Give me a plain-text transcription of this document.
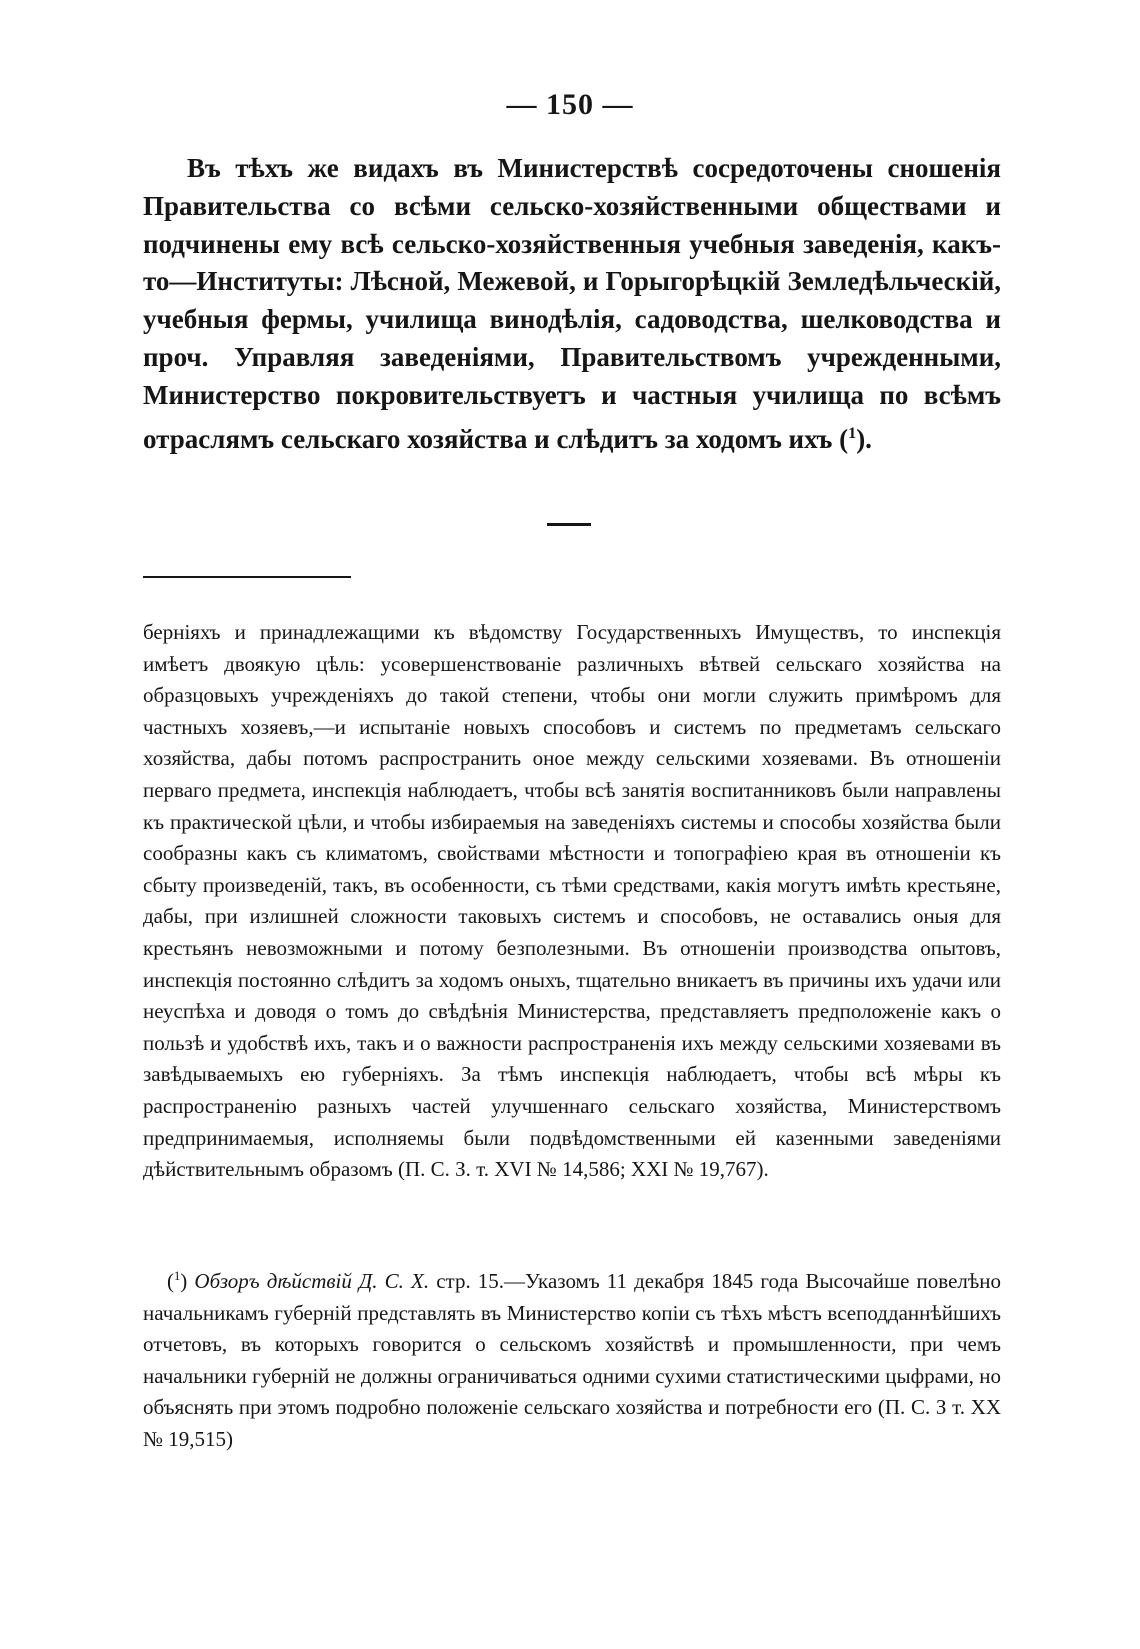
— 150 —
Въ тѣхъ же видахъ въ Министерствѣ сосредоточены сношенія Правительства со всѣми сельско-хозяйственными обществами и подчинены ему всѣ сельско-хозяйственныя учебныя заведенія, какъ-то—Институты: Лѣсной, Межевой, и Горыгорѣцкій Земледѣльческій, учебныя фермы, училища винодѣлія, садоводства, шелководства и проч. Управляя заведеніями, Правительствомъ учрежденными, Министерство покровительствуетъ и частныя училища по всѣмъ отраслямъ сельскаго хозяйства и слѣдитъ за ходомъ ихъ ($^1$).
берніяхъ и принадлежащими къ вѣдомству Государственныхъ Имуществъ, то инспекція имѣетъ двоякую цѣль: усовершенствованіе различныхъ вѣтвей сельскаго хозяйства на образцовыхъ учрежденіяхъ до такой степени, чтобы они могли служить примѣромъ для частныхъ хозяевъ,—и испытаніе новыхъ способовъ и системъ по предметамъ сельскаго хозяйства, дабы потомъ распространить оное между сельскими хозяевами. Въ отношеніи перваго предмета, инспекція наблюдаетъ, чтобы всѣ занятія воспитанниковъ были направлены къ практической цѣли, и чтобы избираемыя на заведеніяхъ системы и способы хозяйства были сообразны какъ съ климатомъ, свойствами мѣстности и топографіею края въ отношеніи къ сбыту произведеній, такъ, въ особенности, съ тѣми средствами, какія могутъ имѣть крестьяне, дабы, при излишней сложности таковыхъ системъ и способовъ, не оставались оныя для крестьянъ невозможными и потому безполезными. Въ отношеніи производства опытовъ, инспекція постоянно слѣдитъ за ходомъ оныхъ, тщательно вникаетъ въ причины ихъ удачи или неуспѣха и доводя о томъ до свѣдѣнія Министерства, представляетъ предположеніе какъ о пользѣ и удобствѣ ихъ, такъ и о важности распространенія ихъ между сельскими хозяевами въ завѣдываемыхъ ею губерніяхъ. За тѣмъ инспекція наблюдаетъ, чтобы всѣ мѣры къ распространенію разныхъ частей улучшеннаго сельскаго хозяйства, Министерствомъ предпринимаемыя, исполняемы были подвѣдомственными ей казенными заведеніями дѣйствительнымъ образомъ (П. С. З. т. XVI № 14,586; XXI № 19,767).
($^1$) Обзоръ дѣйствій Д. С. Х. стр. 15.—Указомъ 11 декабря 1845 года Высочайше повелѣно начальникамъ губерній представлять въ Министерство копіи съ тѣхъ мѣстъ всеподданнѣйшихъ отчетовъ, въ которыхъ говорится о сельскомъ хозяйствѣ и промышленности, при чемъ начальники губерній не должны ограничиваться одними сухими статистическими цыфрами, но объяснять при этомъ подробно положеніе сельскаго хозяйства и потребности его (П. С. З т. XX № 19,515)
